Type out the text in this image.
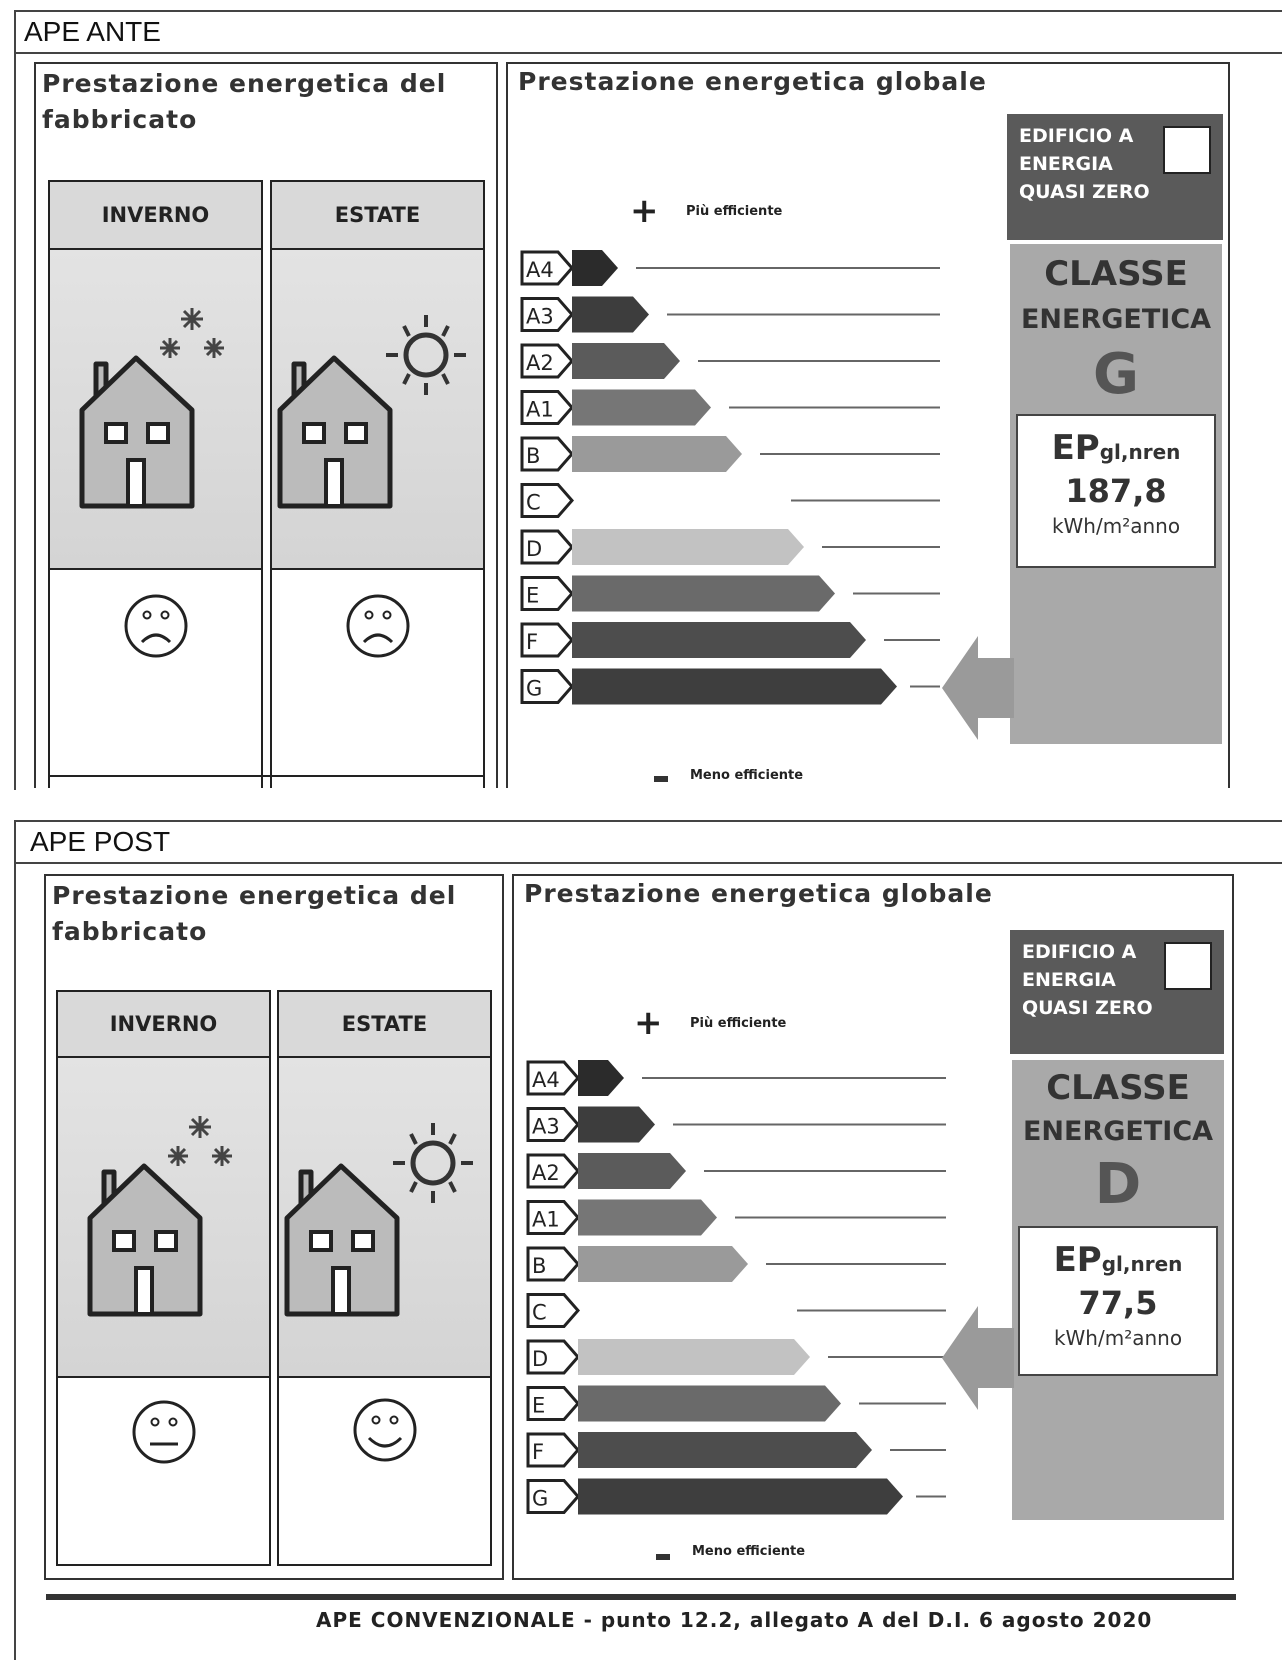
APE ANTE
Prestazione energetica del
fabbricato
INVERNO	ESTATE
Prestazione energetica globale
+ Più efficiente
Meno efficiente
A4
A3
A2
A1
B
C
D
E
F
G
CLASSE
ENERGETICA
G
EPgl,nren
187,8
kWh/m²anno
EDIFICIO A
ENERGIA
QUASI ZERO
APE POST
Prestazione energetica del
fabbricato
INVERNO	ESTATE
Prestazione energetica globale
+ Più efficiente
Meno efficiente
A4
A3
A2
A1
B
C
D
E
F
G
CLASSE
ENERGETICA
D
EPgl,nren
77,5
kWh/m²anno
EDIFICIO A
ENERGIA
QUASI ZERO
APE CONVENZIONALE - punto 12.2, allegato A del D.I. 6 agosto 2020
